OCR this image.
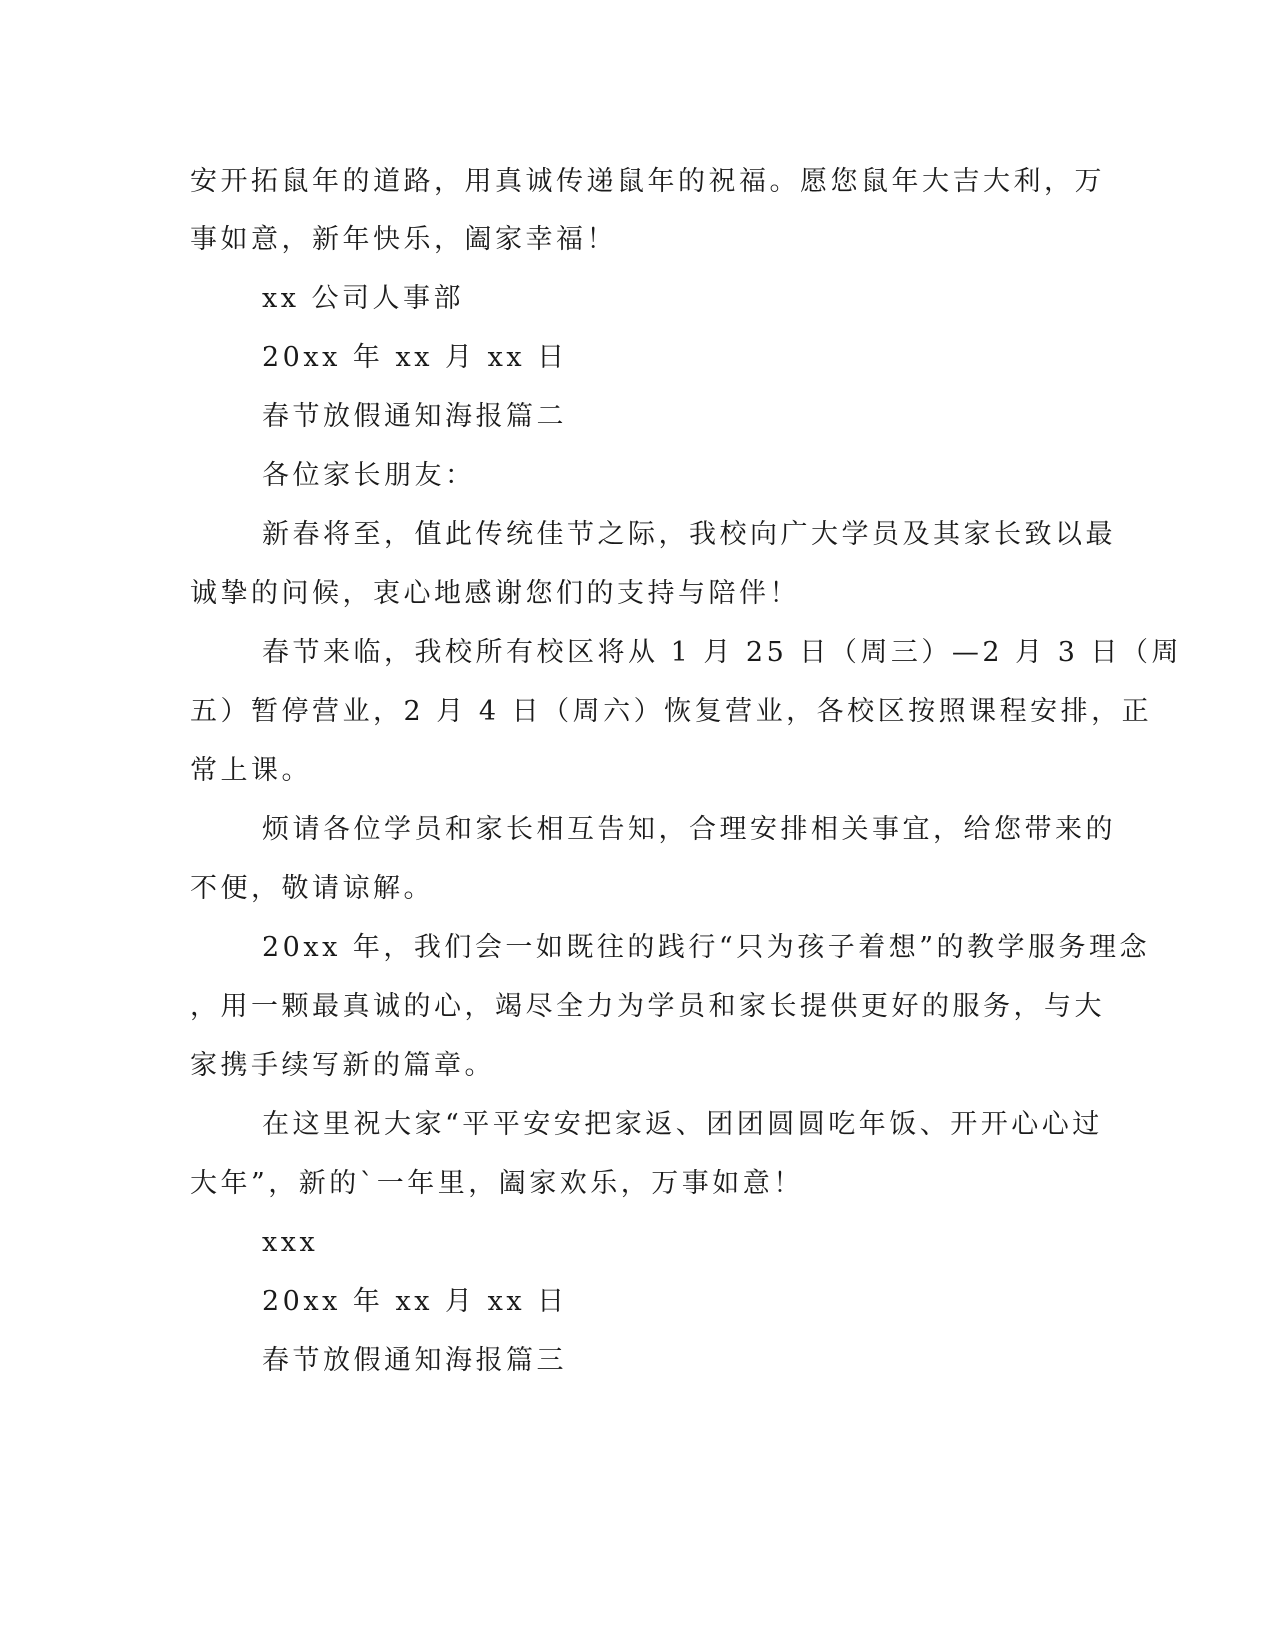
安开拓鼠年的道路，用真诚传递鼠年的祝福。愿您鼠年大吉大利，万
事如意，新年快乐，阖家幸福！
xx 公司人事部
20xx 年 xx 月 xx 日
春节放假通知海报篇二
各位家长朋友：
新春将至，值此传统佳节之际，我校向广大学员及其家长致以最
诚挚的问候，衷心地感谢您们的支持与陪伴！
春节来临，我校所有校区将从 1 月 25 日（周三）—2 月 3 日（周
五）暂停营业，2 月 4 日（周六）恢复营业，各校区按照课程安排，正
常上课。
烦请各位学员和家长相互告知，合理安排相关事宜，给您带来的
不便，敬请谅解。
20xx 年，我们会一如既往的践行“只为孩子着想”的教学服务理念
，用一颗最真诚的心，竭尽全力为学员和家长提供更好的服务，与大
家携手续写新的篇章。
在这里祝大家“平平安安把家返、团团圆圆吃年饭、开开心心过
大年”，新的`一年里，阖家欢乐，万事如意！
xxx
20xx 年 xx 月 xx 日
春节放假通知海报篇三
